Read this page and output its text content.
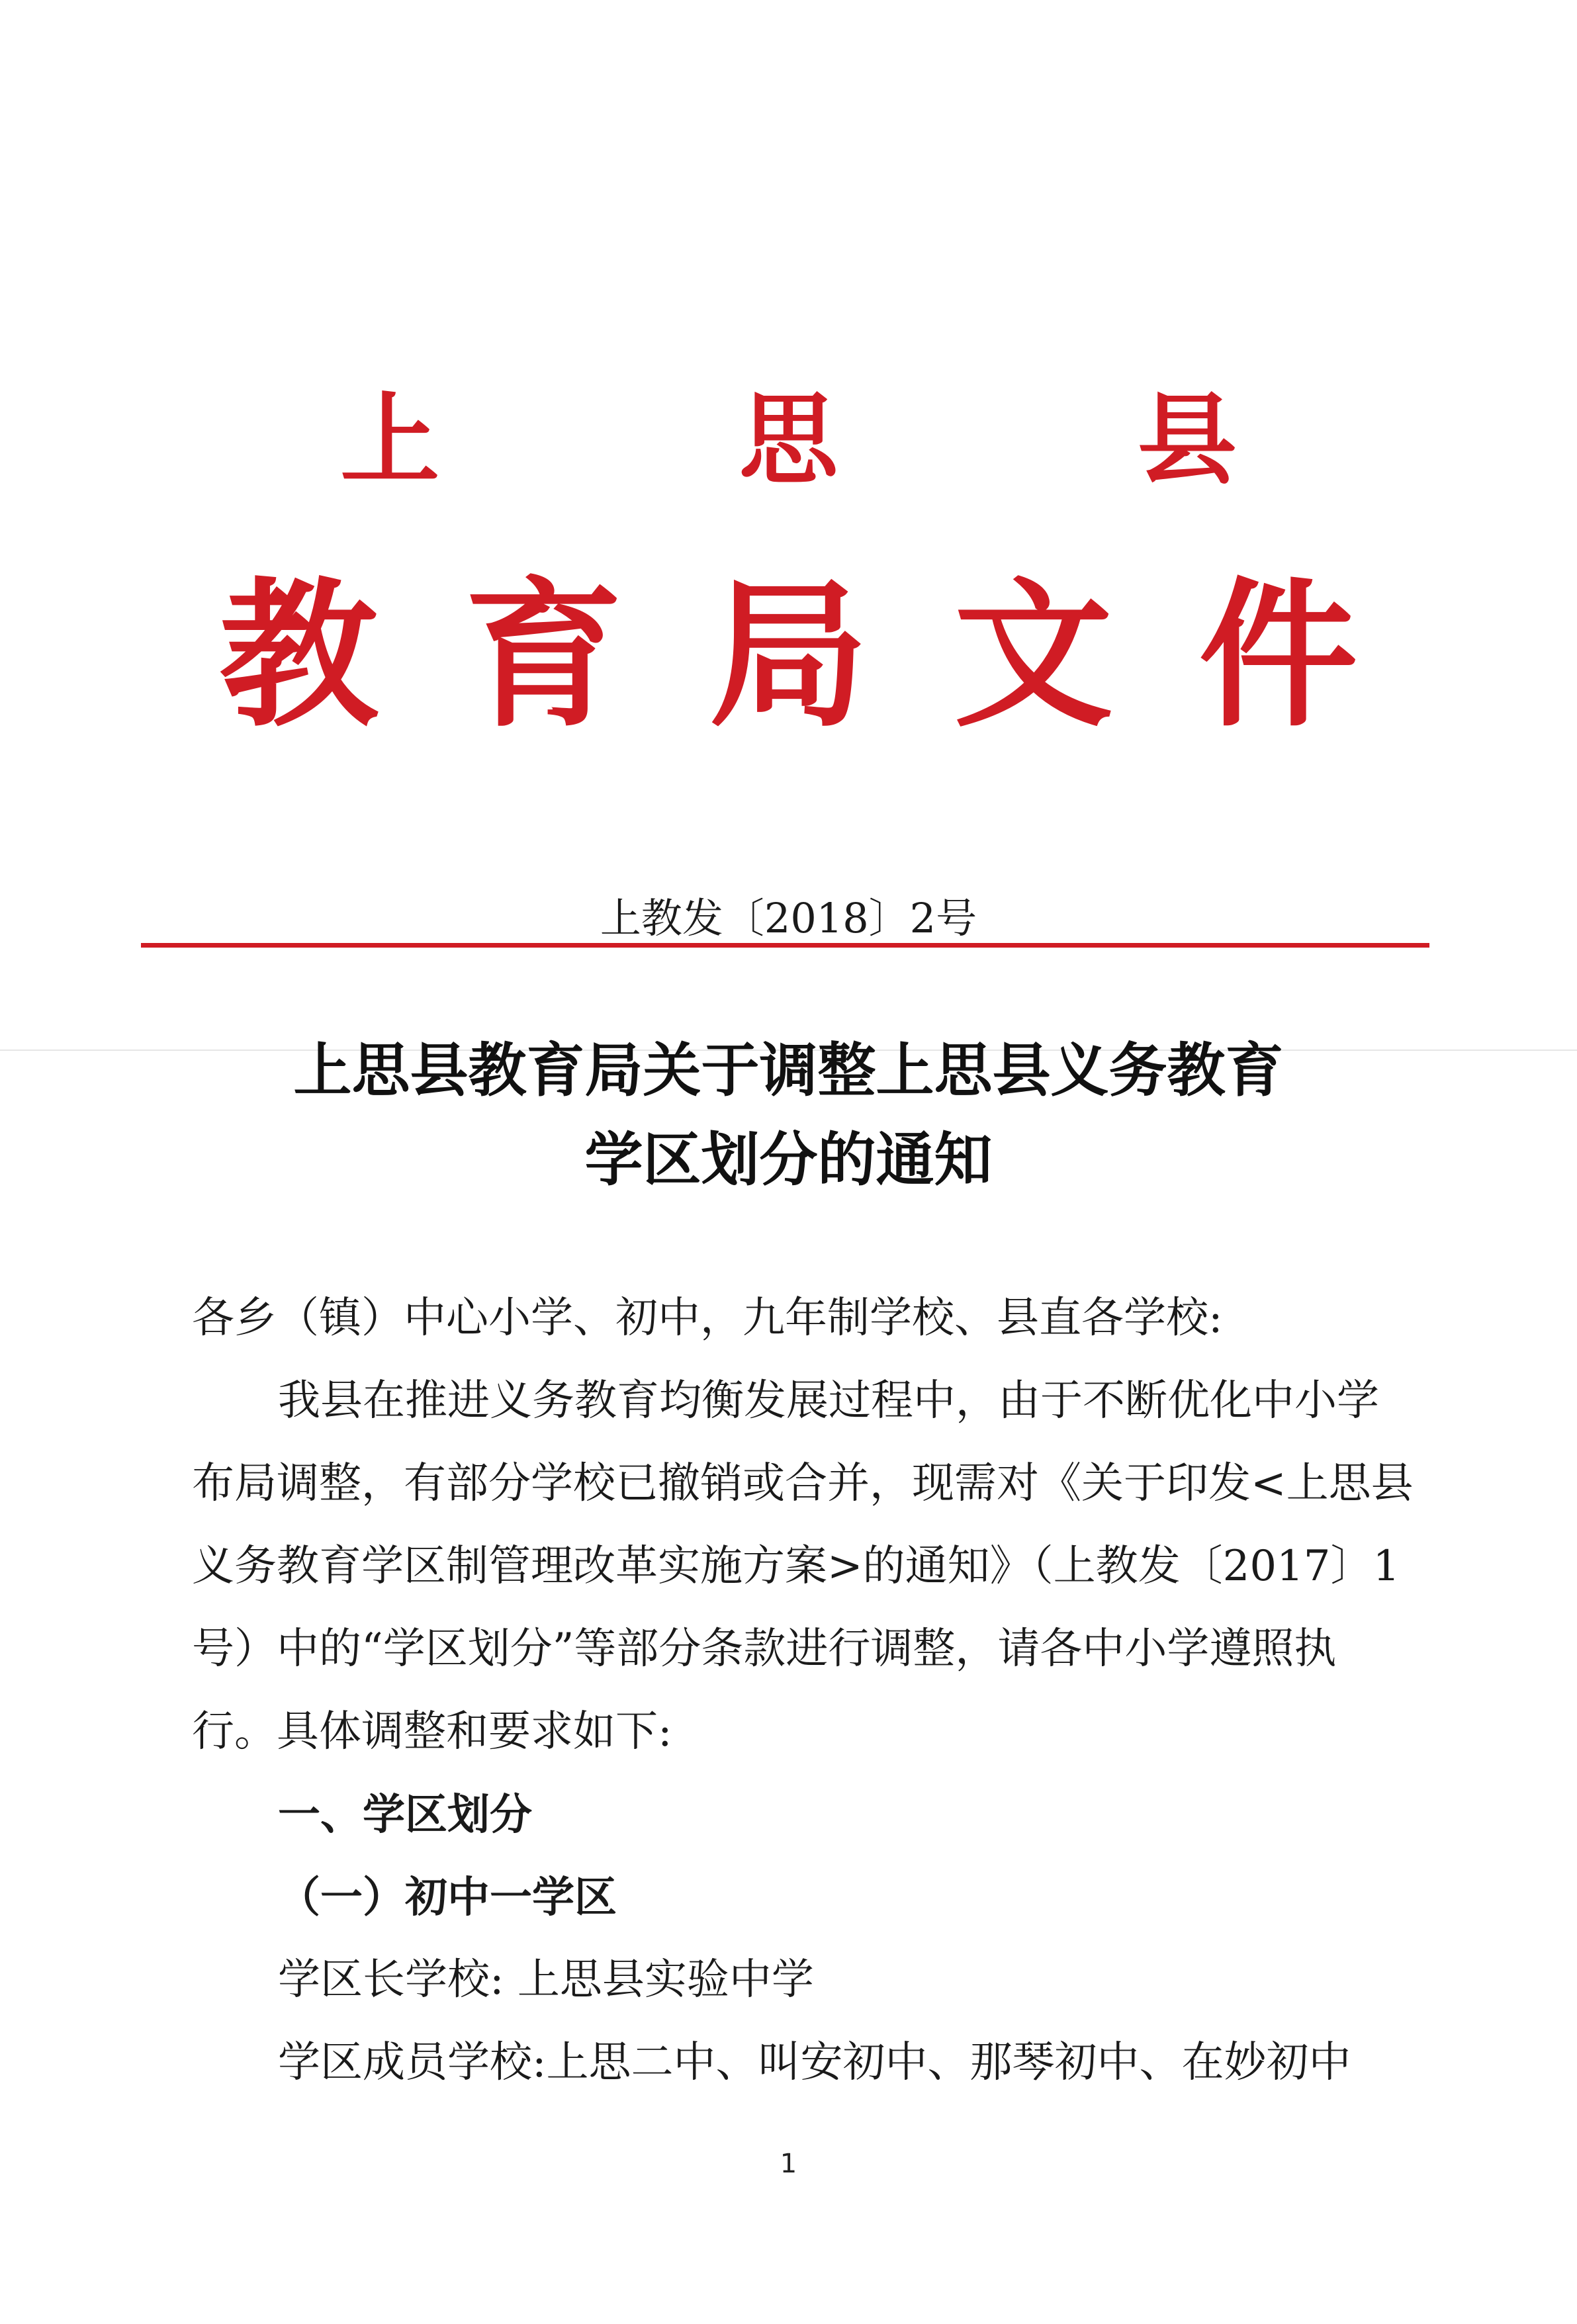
上 思 县
教育局文件
上教发〔2018〕2号
上思县教育局关于调整上思县义务教育
学区划分的通知

各乡（镇）中心小学、初中，九年制学校、县直各学校:

我县在推进义务教育均衡发展过程中，由于不断优化中小学

布局调整，有部分学校已撤销或合并，现需对《关于印发<上思县

义务教育学区制管理改革实施方案>的通知》（上教发〔2017〕1

号）中的“学区划分”等部分条款进行调整，请各中小学遵照执

行。具体调整和要求如下:

一、学区划分

（一）初中一学区

学区长学校: 上思县实验中学

学区成员学校:上思二中、叫安初中、那琴初中、在妙初中

1
